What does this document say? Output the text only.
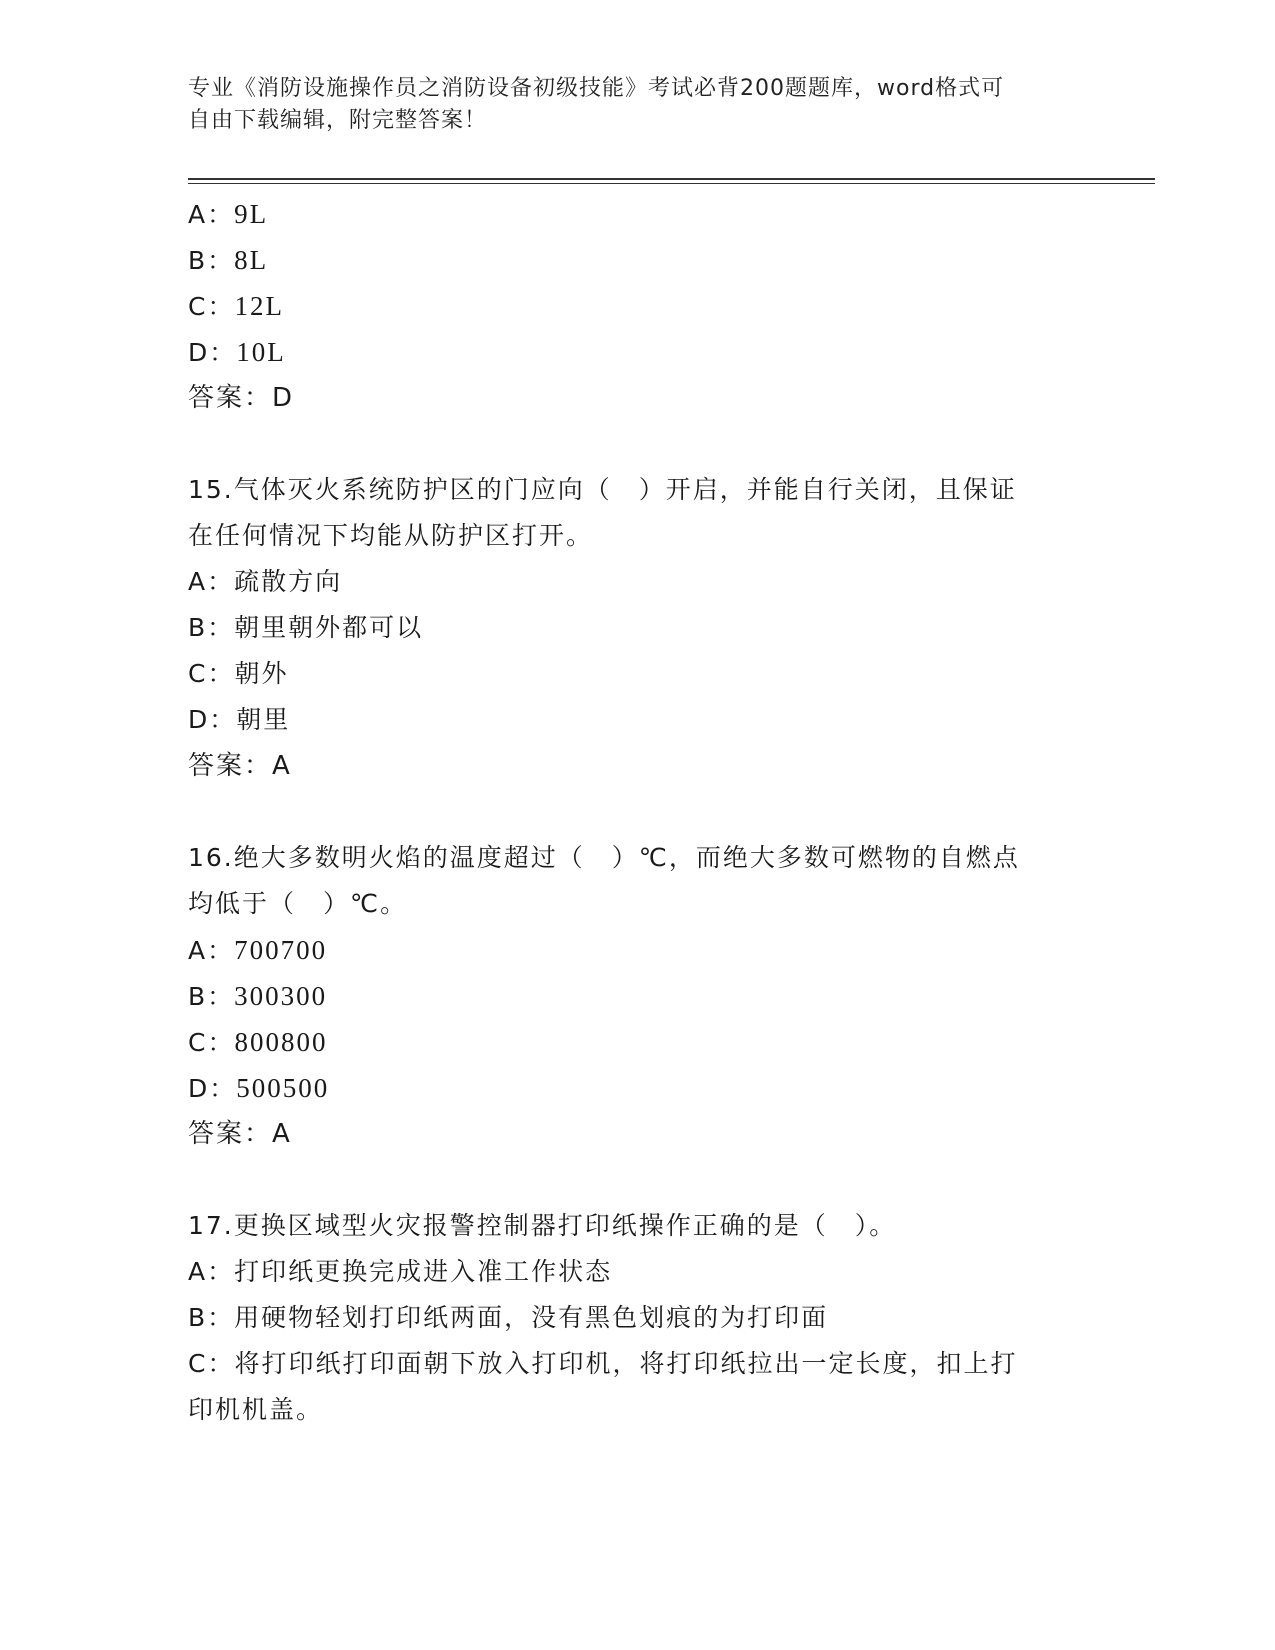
专业《消防设施操作员之消防设备初级技能》考试必背200题题库，word格式可
自由下载编辑，附完整答案！
A：9L
B：8L
C：12L
D：10L
答案：D
15.气体灭火系统防护区的门应向（　）开启，并能自行关闭，且保证
在任何情况下均能从防护区打开。
A：疏散方向
B：朝里朝外都可以
C：朝外
D：朝里
答案：A
16.绝大多数明火焰的温度超过（　）℃，而绝大多数可燃物的自燃点
均低于（　）℃。
A：700700
B：300300
C：800800
D：500500
答案：A
17.更换区域型火灾报警控制器打印纸操作正确的是（　）。
A：打印纸更换完成进入准工作状态
B：用硬物轻划打印纸两面，没有黑色划痕的为打印面
C：将打印纸打印面朝下放入打印机，将打印纸拉出一定长度，扣上打
印机机盖。
